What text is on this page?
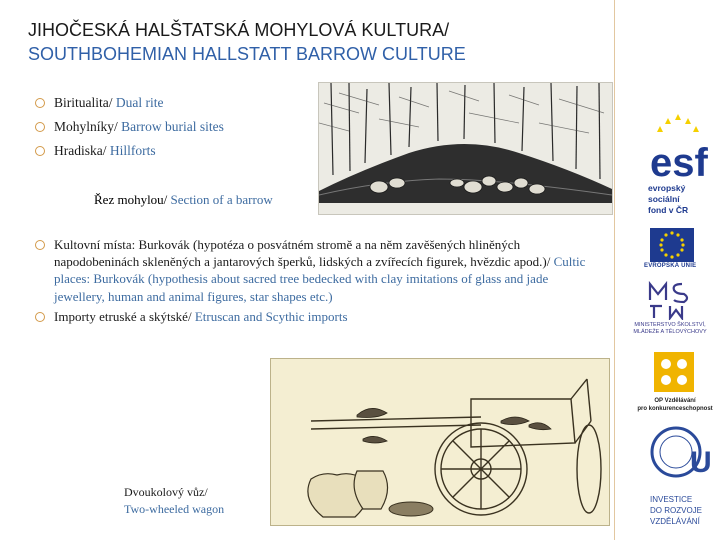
JIHOČESKÁ HALŠTATSKÁ MOHYLOVÁ KULTURA/
SOUTHBOHEMIAN HALLSTATT BARROW CULTURE
Biritualita/ Dual rite
Mohylníky/ Barrow burial sites
Hradiska/ Hillforts
Řez mohylou/ Section of a barrow
Kultovní místa: Burkovák (hypotéza o posvátném stromě a na něm zavěšených hliněných napodobeninách skleněných a jantarových šperků, lidských a zvířecích figurek, hvězdic apod.)/ Cultic places: Burkovák (hypothesis about sacred tree bedecked with clay imitations of glass and jade jewellery, human and animal figures, star shapes etc.)
Importy etruské a skýtské/ Etruscan and Scythic imports
Dvoukolový vůz/
Two-wheeled wagon
esf
evropský
sociální
fond v ČR
EVROPSKÁ UNIE
MINISTERSTVO ŠKOLSTVÍ, MLÁDEŽE A TĚLOVÝCHOVY
OP Vzdělávání
pro konkurenceschopnost
U
INVESTICE
DO ROZVOJE
VZDĚLÁVÁNÍ
